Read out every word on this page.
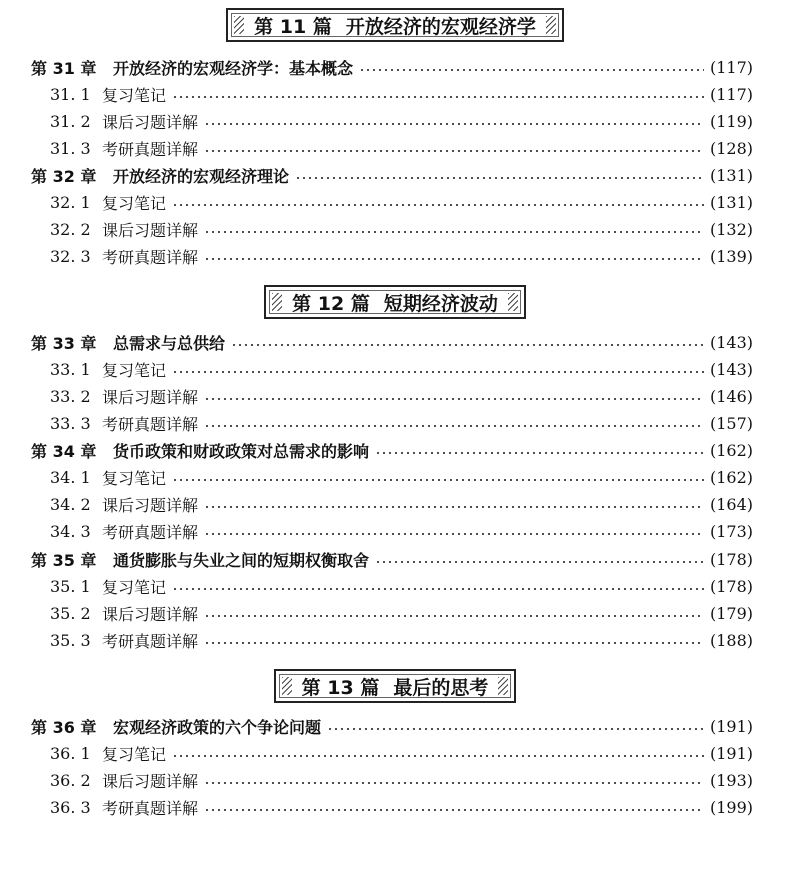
第 11 篇 开放经济的宏观经济学
第 31 章	开放经济的宏观经济学：基本概念	(117)
31. 1 复习笔记	(117)
31. 2 课后习题详解	(119)
31. 3 考研真题详解	(128)
第 32 章	开放经济的宏观经济理论	(131)
32. 1 复习笔记	(131)
32. 2 课后习题详解	(132)
32. 3 考研真题详解	(139)
第 12 篇 短期经济波动
第 33 章	总需求与总供给	(143)
33. 1 复习笔记	(143)
33. 2 课后习题详解	(146)
33. 3 考研真题详解	(157)
第 34 章	货币政策和财政政策对总需求的影响	(162)
34. 1 复习笔记	(162)
34. 2 课后习题详解	(164)
34. 3 考研真题详解	(173)
第 35 章	通货膨胀与失业之间的短期权衡取舍	(178)
35. 1 复习笔记	(178)
35. 2 课后习题详解	(179)
35. 3 考研真题详解	(188)
第 13 篇 最后的思考
第 36 章	宏观经济政策的六个争论问题	(191)
36. 1 复习笔记	(191)
36. 2 课后习题详解	(193)
36. 3 考研真题详解	(199)
